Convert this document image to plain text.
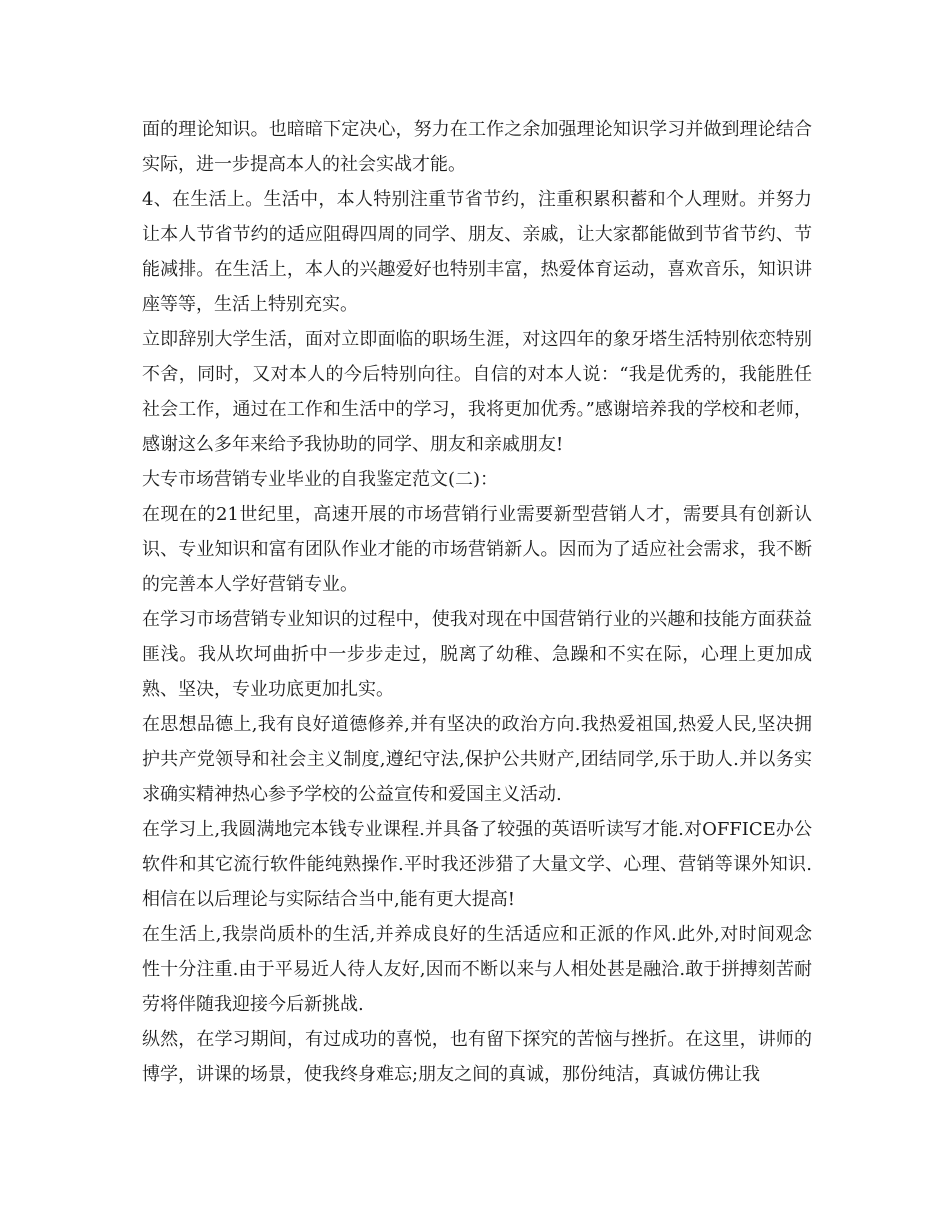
面的理论知识。也暗暗下定决心，努力在工作之余加强理论知识学习并做到理论结合实际，进一步提高本人的社会实战才能。

4、在生活上。生活中，本人特别注重节省节约，注重积累积蓄和个人理财。并努力让本人节省节约的适应阻碍四周的同学、朋友、亲戚，让大家都能做到节省节约、节能减排。在生活上，本人的兴趣爱好也特别丰富，热爱体育运动，喜欢音乐，知识讲座等等，生活上特别充实。

立即辞别大学生活，面对立即面临的职场生涯，对这四年的象牙塔生活特别依恋特别不舍，同时，又对本人的今后特别向往。自信的对本人说：“我是优秀的，我能胜任社会工作，通过在工作和生活中的学习，我将更加优秀。”感谢培养我的学校和老师，感谢这么多年来给予我协助的同学、朋友和亲戚朋友!

大专市场营销专业毕业的自我鉴定范文(二)：

在现在的21世纪里，高速开展的市场营销行业需要新型营销人才，需要具有创新认识、专业知识和富有团队作业才能的市场营销新人。因而为了适应社会需求，我不断的完善本人学好营销专业。

在学习市场营销专业知识的过程中，使我对现在中国营销行业的兴趣和技能方面获益匪浅。我从坎坷曲折中一步步走过，脱离了幼稚、急躁和不实在际，心理上更加成熟、坚决，专业功底更加扎实。

在思想品德上,我有良好道德修养,并有坚决的政治方向.我热爱祖国,热爱人民,坚决拥护共产党领导和社会主义制度,遵纪守法,保护公共财产,团结同学,乐于助人.并以务实求确实精神热心参予学校的公益宣传和爱国主义活动.

在学习上,我圆满地完本钱专业课程.并具备了较强的英语听读写才能.对OFFICE办公软件和其它流行软件能纯熟操作.平时我还涉猎了大量文学、心理、营销等课外知识.相信在以后理论与实际结合当中,能有更大提高!

在生活上,我崇尚质朴的生活,并养成良好的生活适应和正派的作风.此外,对时间观念性十分注重.由于平易近人待人友好,因而不断以来与人相处甚是融洽.敢于拼搏刻苦耐劳将伴随我迎接今后新挑战.

纵然，在学习期间，有过成功的喜悦，也有留下探究的苦恼与挫折。在这里，讲师的博学，讲课的场景，使我终身难忘;朋友之间的真诚，那份纯洁，真诚仿佛让我
